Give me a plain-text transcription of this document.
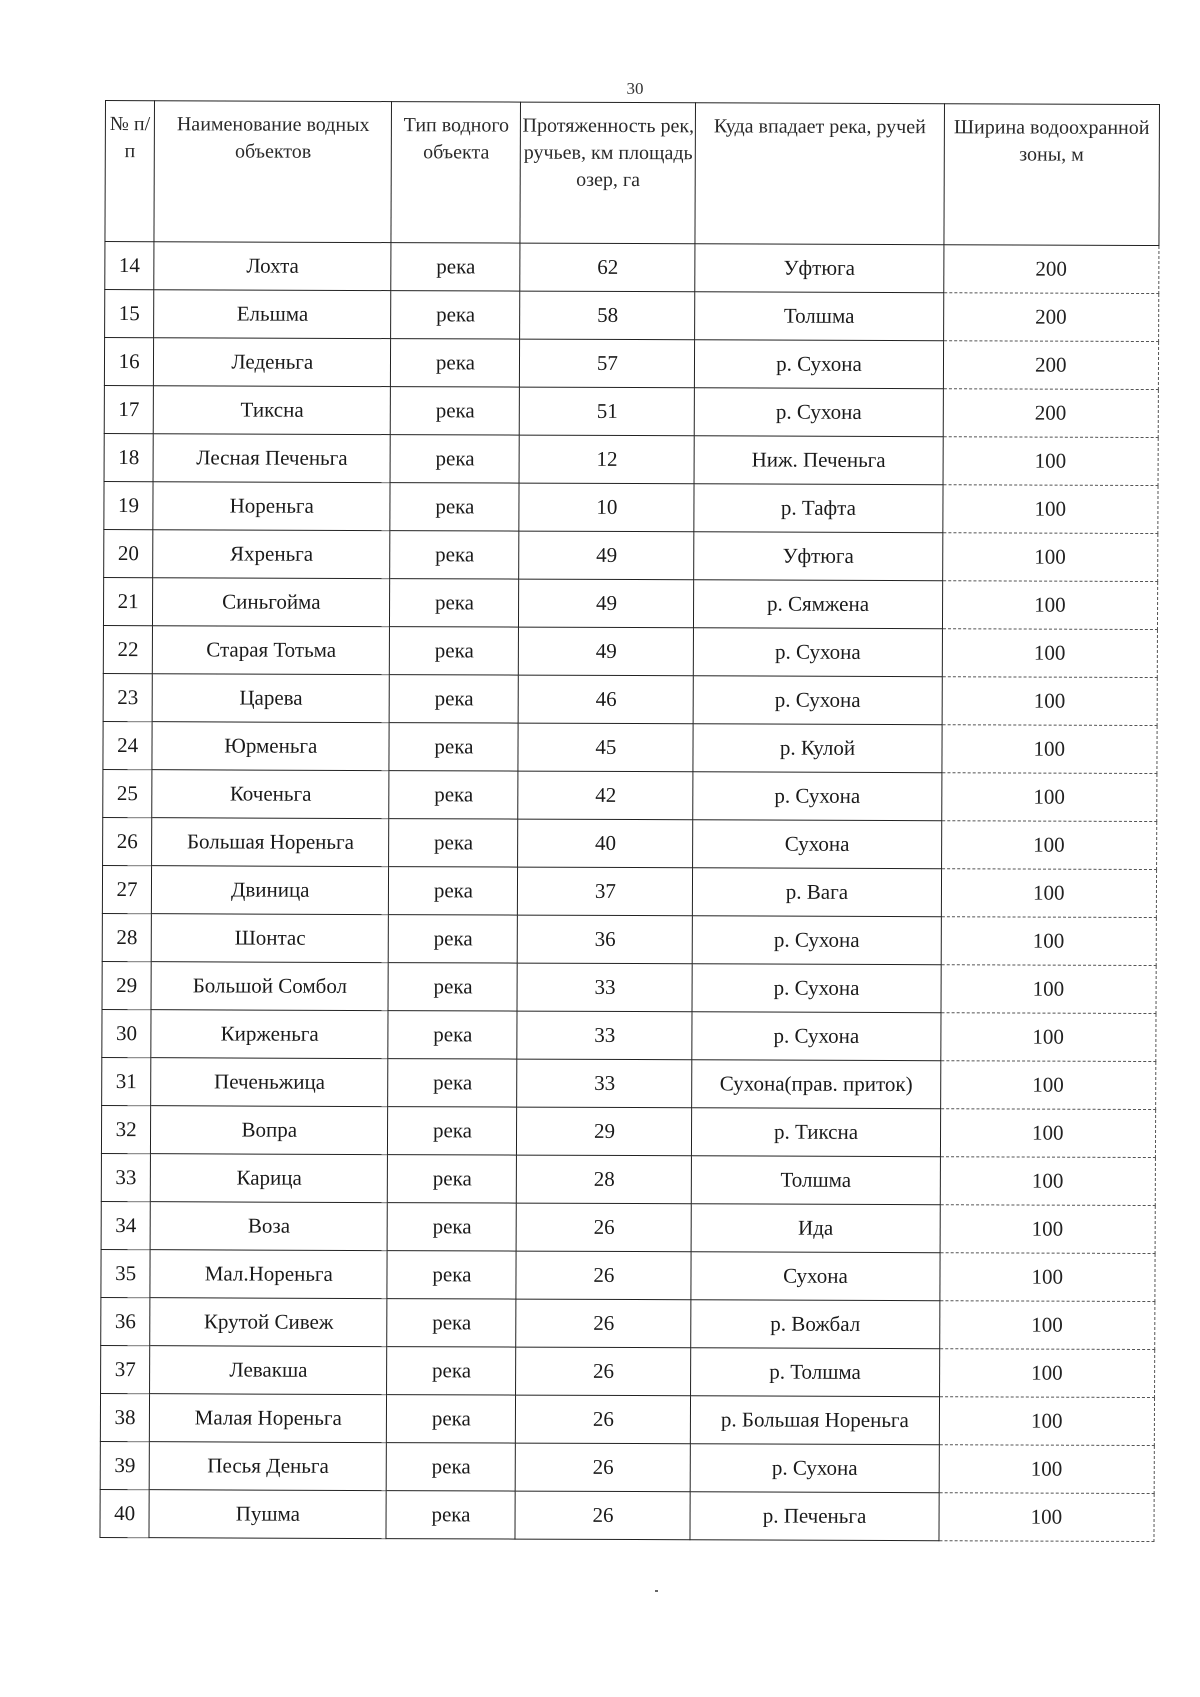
30
№ п/п	Наименование водных объектов	Тип водного объекта	Протяженность рек, ручьев, км площадь озер, га	Куда впадает река, ручей	Ширина водоохранной зоны, м
14	Лохта	река	62	Уфтюга	200
15	Ельшма	река	58	Толшма	200
16	Леденьга	река	57	р. Сухона	200
17	Тиксна	река	51	р. Сухона	200
18	Лесная Печеньга	река	12	Ниж. Печеньга	100
19	Нореньга	река	10	р. Тафта	100
20	Яхреньга	река	49	Уфтюга	100
21	Синьгойма	река	49	р. Сямжена	100
22	Старая Тотьма	река	49	р. Сухона	100
23	Царева	река	46	р. Сухона	100
24	Юрменьга	река	45	р. Кулой	100
25	Коченьга	река	42	р. Сухона	100
26	Большая Нореньга	река	40	Сухона	100
27	Двиница	река	37	р. Вага	100
28	Шонтас	река	36	р. Сухона	100
29	Большой Сомбол	река	33	р. Сухона	100
30	Кирженьга	река	33	р. Сухона	100
31	Печеньжица	река	33	Сухона(прав. приток)	100
32	Вопра	река	29	р. Тиксна	100
33	Карица	река	28	Толшма	100
34	Воза	река	26	Ида	100
35	Мал.Нореньга	река	26	Сухона	100
36	Крутой Сивеж	река	26	р. Вожбал	100
37	Левакша	река	26	р. Толшма	100
38	Малая Нореньга	река	26	р. Большая Нореньга	100
39	Песья Деньга	река	26	р. Сухона	100
40	Пушма	река	26	р. Печеньга	100
